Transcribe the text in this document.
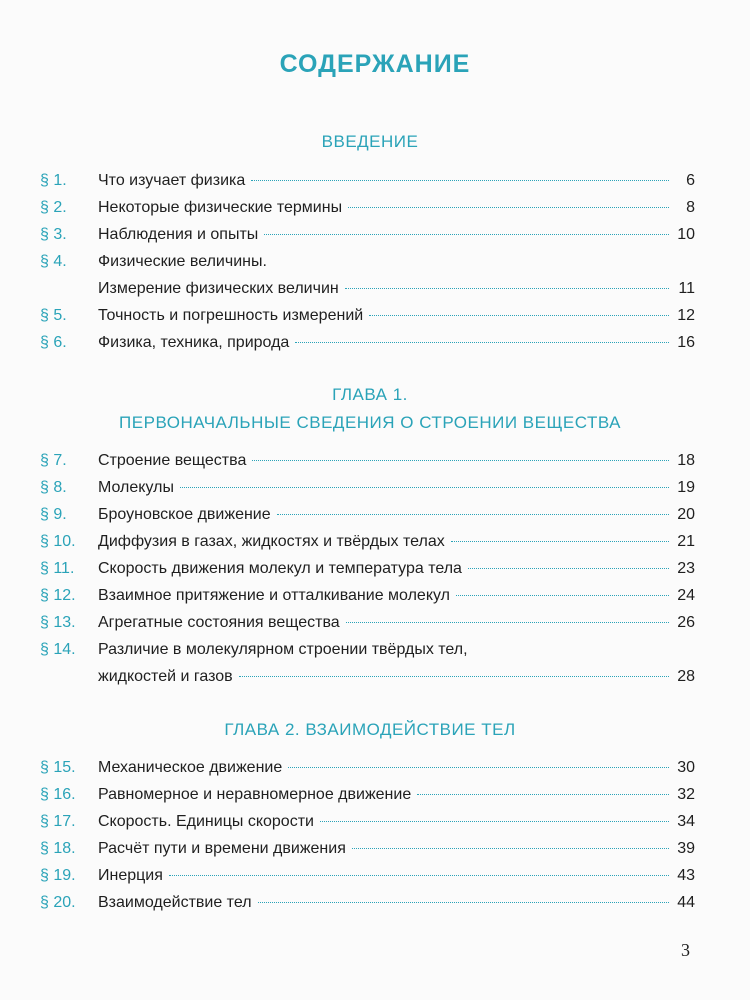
СОДЕРЖАНИЕ
ВВЕДЕНИЕ
§ 1.	Что изучает физика	6
§ 2.	Некоторые физические термины	8
§ 3.	Наблюдения и опыты	10
§ 4.	Физические величины.
Измерение физических величин	11
§ 5.	Точность и погрешность измерений	12
§ 6.	Физика, техника, природа	16
ГЛАВА 1.
ПЕРВОНАЧАЛЬНЫЕ СВЕДЕНИЯ О СТРОЕНИИ ВЕЩЕСТВА
§ 7.	Строение вещества	18
§ 8.	Молекулы	19
§ 9.	Броуновское движение	20
§ 10.	Диффузия в газах, жидкостях и твёрдых телах	21
§ 11.	Скорость движения молекул и температура тела	23
§ 12.	Взаимное притяжение и отталкивание молекул	24
§ 13.	Агрегатные состояния вещества	26
§ 14.	Различие в молекулярном строении твёрдых тел,
жидкостей и газов	28
ГЛАВА 2. ВЗАИМОДЕЙСТВИЕ ТЕЛ
§ 15.	Механическое движение	30
§ 16.	Равномерное и неравномерное движение	32
§ 17.	Скорость. Единицы скорости	34
§ 18.	Расчёт пути и времени движения	39
§ 19.	Инерция	43
§ 20.	Взаимодействие тел	44
3
